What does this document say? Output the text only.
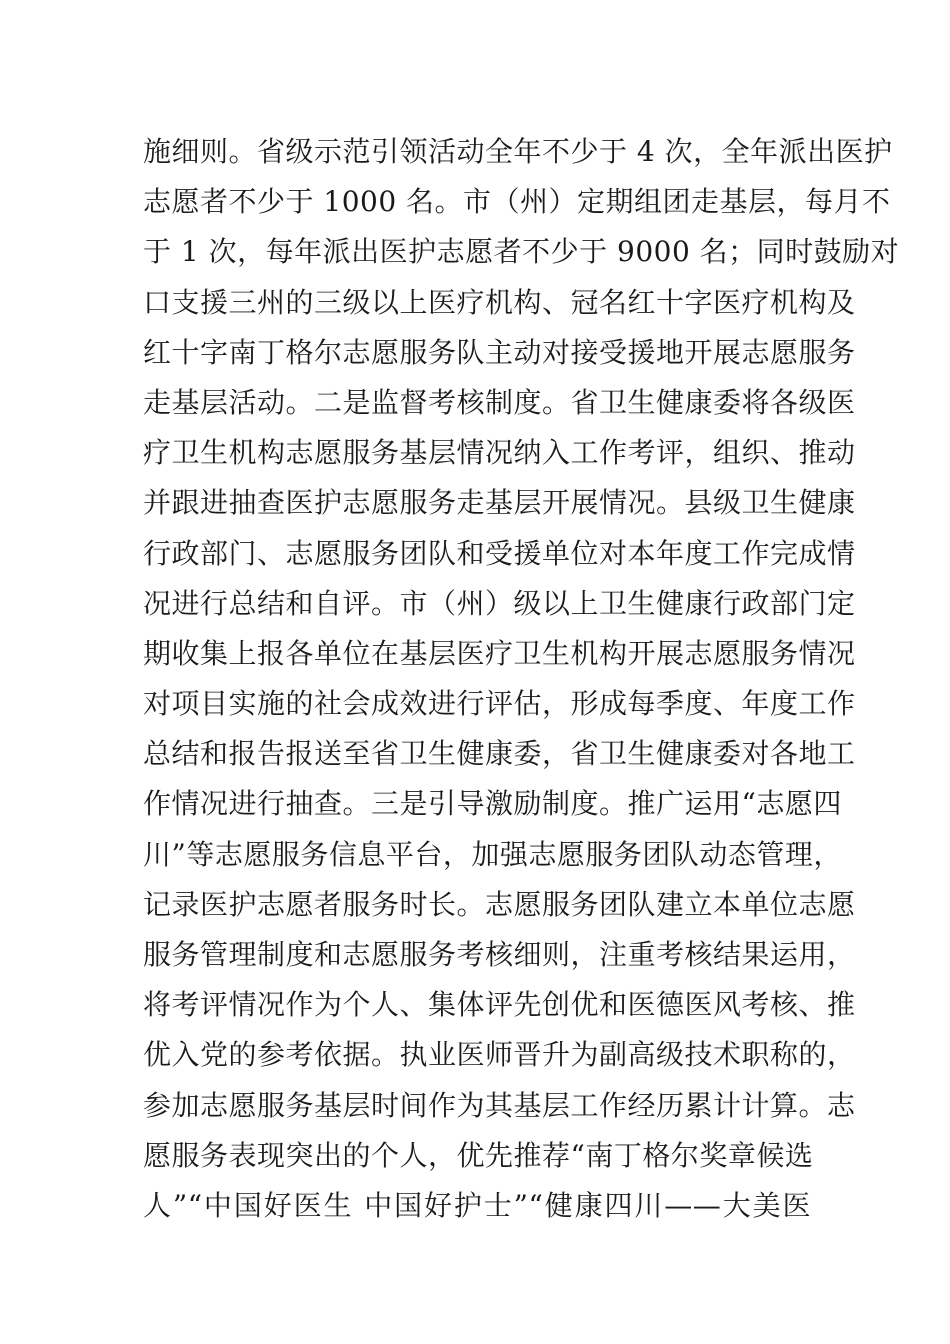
施细则。省级示范引领活动全年不少于 4 次，全年派出医护
志愿者不少于 1000 名。市（州）定期组团走基层，每月不
于 1 次，每年派出医护志愿者不少于 9000 名；同时鼓励对
口支援三州的三级以上医疗机构、冠名红十字医疗机构及
红十字南丁格尔志愿服务队主动对接受援地开展志愿服务
走基层活动。二是监督考核制度。省卫生健康委将各级医
疗卫生机构志愿服务基层情况纳入工作考评，组织、推动
并跟进抽查医护志愿服务走基层开展情况。县级卫生健康
行政部门、志愿服务团队和受援单位对本年度工作完成情
况进行总结和自评。市（州）级以上卫生健康行政部门定
期收集上报各单位在基层医疗卫生机构开展志愿服务情况
对项目实施的社会成效进行评估，形成每季度、年度工作
总结和报告报送至省卫生健康委，省卫生健康委对各地工
作情况进行抽查。三是引导激励制度。推广运用“志愿四
川”等志愿服务信息平台，加强志愿服务团队动态管理，
记录医护志愿者服务时长。志愿服务团队建立本单位志愿
服务管理制度和志愿服务考核细则，注重考核结果运用，
将考评情况作为个人、集体评先创优和医德医风考核、推
优入党的参考依据。执业医师晋升为副高级技术职称的，
参加志愿服务基层时间作为其基层工作经历累计计算。志
愿服务表现突出的个人，优先推荐“南丁格尔奖章候选
人”“中国好医生 中国好护士”“健康四川——大美医
